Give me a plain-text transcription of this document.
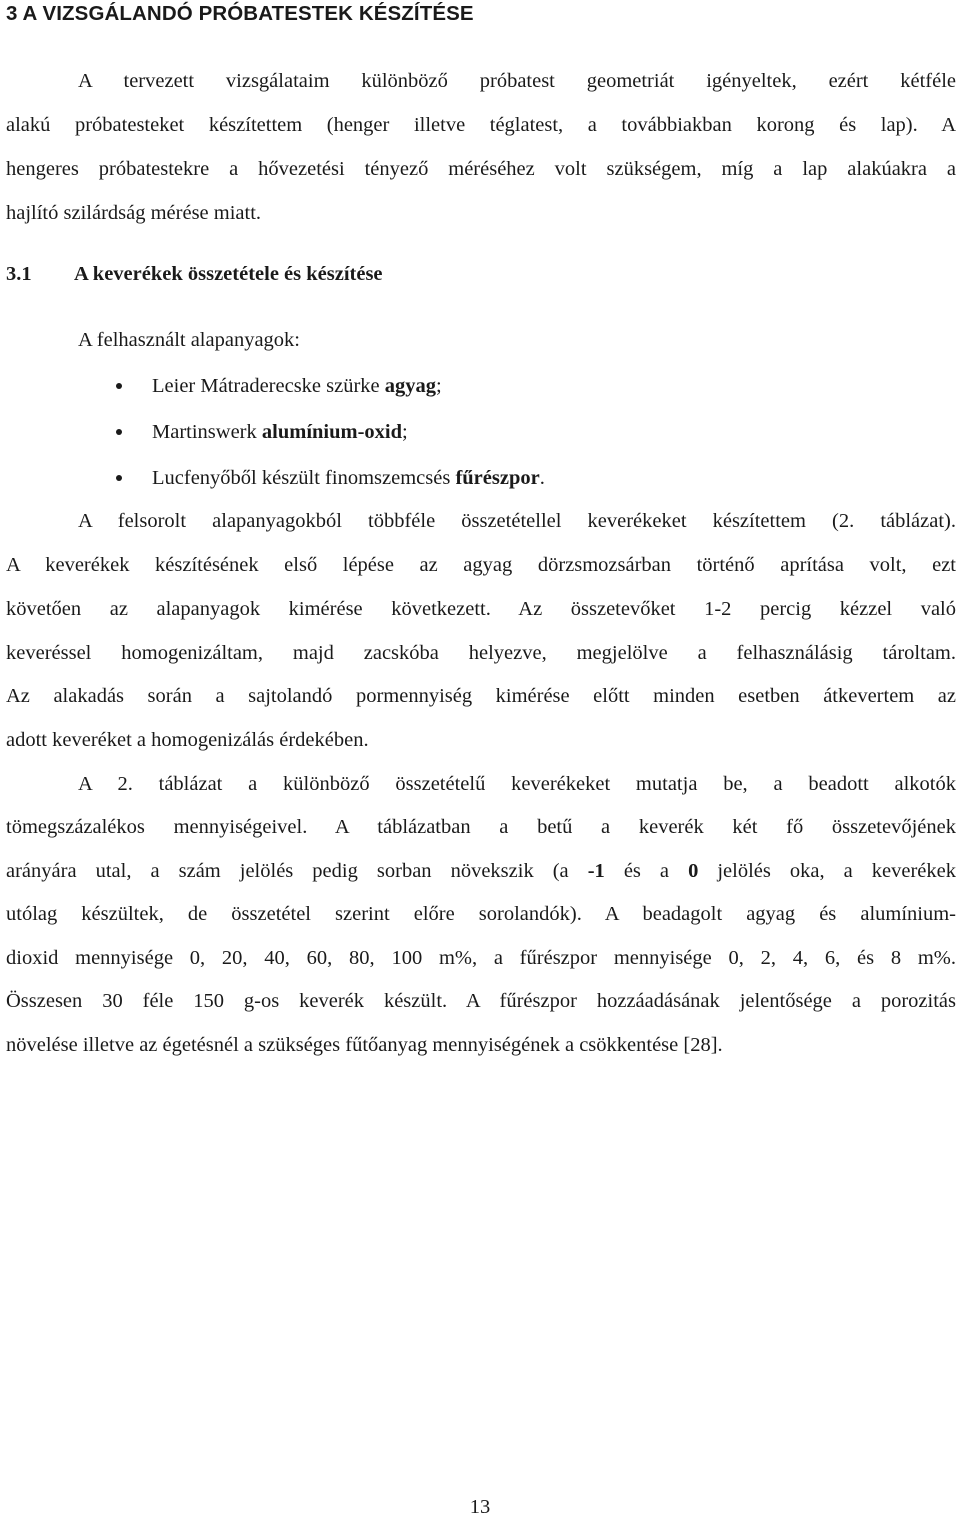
3 A VIZSGÁLANDÓ PRÓBATESTEK KÉSZÍTÉSE
A tervezett vizsgálataim különböző próbatest geometriát igényeltek, ezért kétféle
alakú próbatesteket készítettem (henger illetve téglatest, a továbbiakban korong és lap). A
hengeres próbatestekre a hővezetési tényező méréséhez volt szükségem, míg a lap alakúakra a
hajlító szilárdság mérése miatt.
3.1 A keverékek összetétele és készítése
A felhasznált alapanyagok:
Leier Mátraderecske szürke agyag;
Martinswerk alumínium-oxid;
Lucfenyőből készült finomszemcsés fűrészpor.
A felsorolt alapanyagokból többféle összetétellel keverékeket készítettem (2. táblázat).
A keverékek készítésének első lépése az agyag dörzsmozsárban történő aprítása volt, ezt
követően az alapanyagok kimérése következett. Az összetevőket 1-2 percig kézzel való
keveréssel homogenizáltam, majd zacskóba helyezve, megjelölve a felhasználásig tároltam.
Az alakadás során a sajtolandó pormennyiség kimérése előtt minden esetben átkevertem az
adott keveréket a homogenizálás érdekében.
A 2. táblázat a különböző összetételű keverékeket mutatja be, a beadott alkotók
tömegszázalékos mennyiségeivel. A táblázatban a betű a keverék két fő összetevőjének
arányára utal, a szám jelölés pedig sorban növekszik (a -1 és a 0 jelölés oka, a keverékek
utólag készültek, de összetétel szerint előre sorolandók). A beadagolt agyag és alumínium-
dioxid mennyisége 0, 20, 40, 60, 80, 100 m%, a fűrészpor mennyisége 0, 2, 4, 6, és 8 m%.
Összesen 30 féle 150 g-os keverék készült. A fűrészpor hozzáadásának jelentősége a porozitás
növelése illetve az égetésnél a szükséges fűtőanyag mennyiségének a csökkentése [28].
13
